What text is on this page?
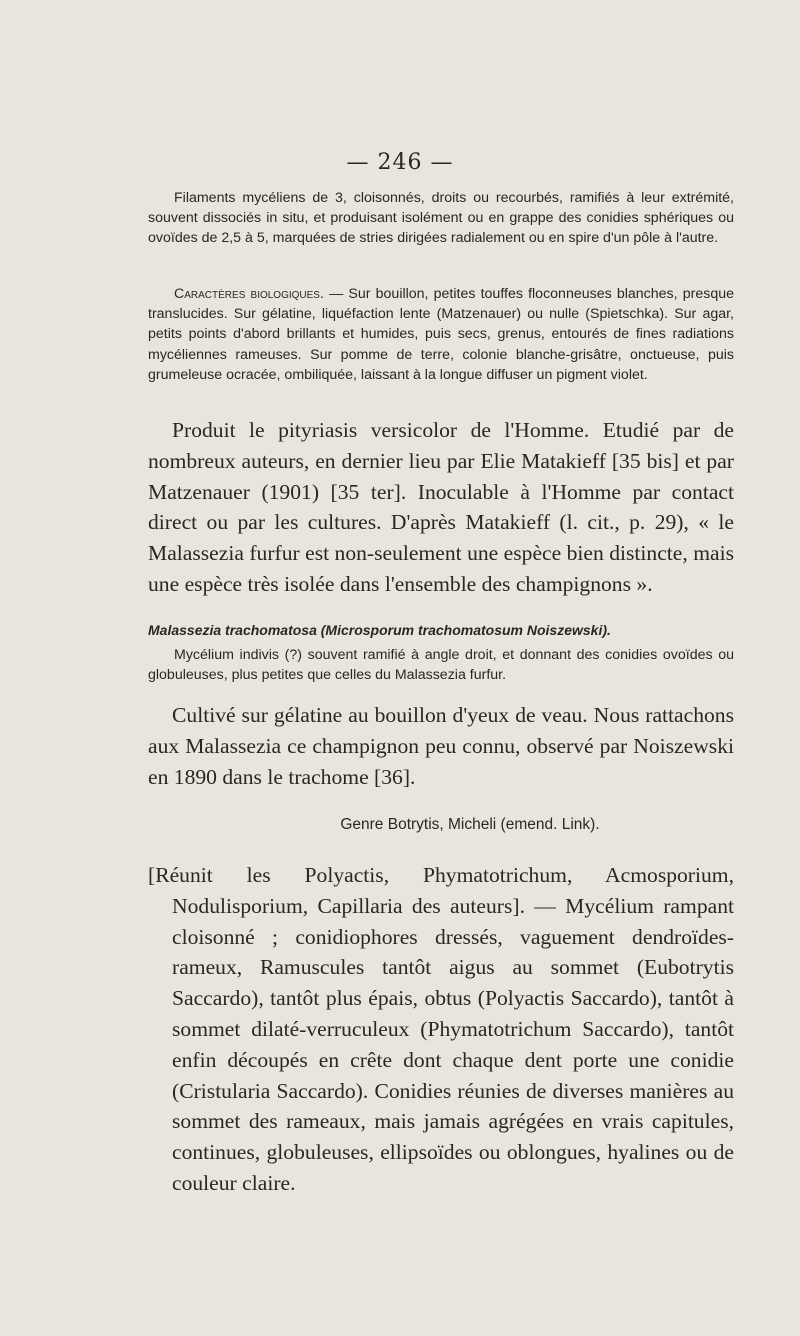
— 246 —

Filaments mycéliens de 3, cloisonnés, droits ou recourbés, ramifiés à leur extrémité, souvent dissociés in situ, et produisant isolément ou en grappe des conidies sphériques ou ovoïdes de 2,5 à 5, marquées de stries dirigées radialement ou en spire d'un pôle à l'autre.

Caractères biologiques. — Sur bouillon, petites touffes floconneuses blanches, presque translucides. Sur gélatine, liquéfaction lente (Matzenauer) ou nulle (Spietschka). Sur agar, petits points d'abord brillants et humides, puis secs, grenus, entourés de fines radiations mycéliennes rameuses. Sur pomme de terre, colonie blanche-grisâtre, onctueuse, puis grumeleuse ocracée, ombiliquée, laissant à la longue diffuser un pigment violet.

Produit le pityriasis versicolor de l'Homme. Etudié par de nombreux auteurs, en dernier lieu par Elie Matakieff [35 bis] et par Matzenauer (1901) [35 ter]. Inoculable à l'Homme par contact direct ou par les cultures. D'après Matakieff (l. cit., p. 29), « le Malassezia furfur est non-seulement une espèce bien distincte, mais une espèce très isolée dans l'ensemble des champignons ».

Malassezia trachomatosa (Microsporum trachomatosum Noiszewski).

Mycélium indivis (?) souvent ramifié à angle droit, et donnant des conidies ovoïdes ou globuleuses, plus petites que celles du Malassezia furfur.

Cultivé sur gélatine au bouillon d'yeux de veau. Nous rattachons aux Malassezia ce champignon peu connu, observé par Noiszewski en 1890 dans le trachome [36].

Genre Botrytis, Micheli (emend. Link).

[Réunit les Polyactis, Phymatotrichum, Acmosporium, Nodulisporium, Capillaria des auteurs]. — Mycélium rampant cloisonné ; conidiophores dressés, vaguement dendroïdes-rameux, Ramuscules tantôt aigus au sommet (Eubotrytis Saccardo), tantôt plus épais, obtus (Polyactis Saccardo), tantôt à sommet dilaté-verruculeux (Phymatotrichum Saccardo), tantôt enfin découpés en crête dont chaque dent porte une conidie (Cristularia Saccardo). Conidies réunies de diverses manières au sommet des rameaux, mais jamais agrégées en vrais capitules, continues, globuleuses, ellipsoïdes ou oblongues, hyalines ou de couleur claire.
